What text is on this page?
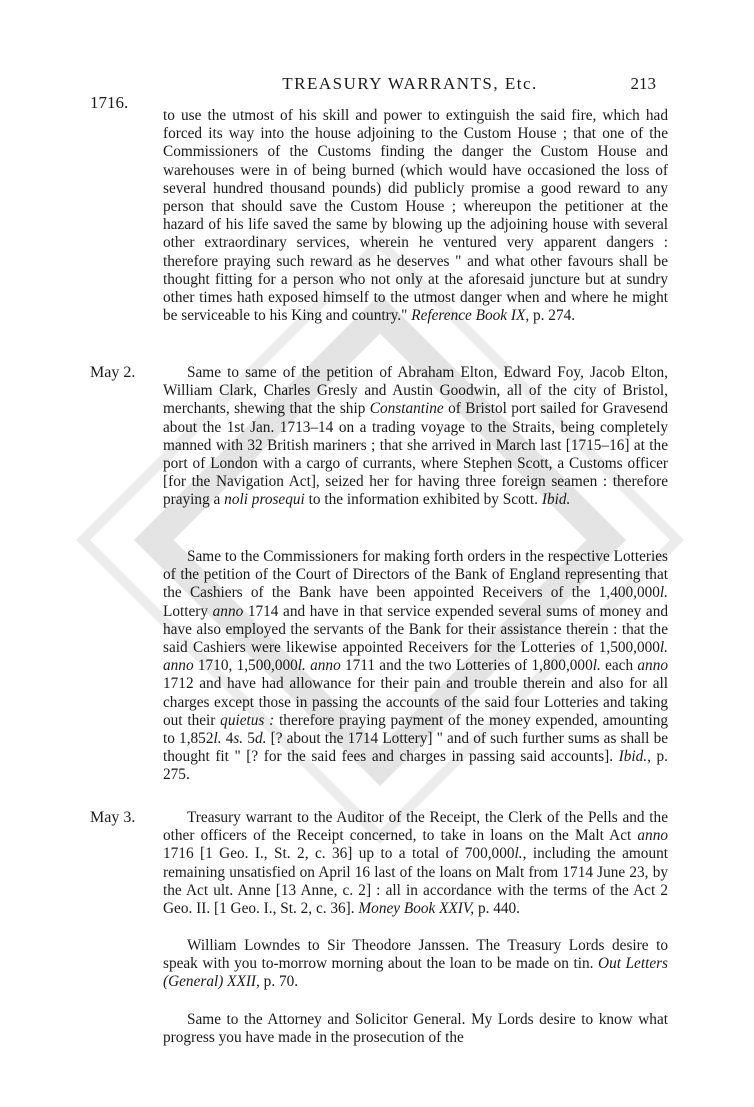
TREASURY WARRANTS, Etc.	213
1716.

to use the utmost of his skill and power to extinguish the said fire, which had forced its way into the house adjoining to the Custom House ; that one of the Commissioners of the Customs finding the danger the Custom House and warehouses were in of being burned (which would have occasioned the loss of several hundred thousand pounds) did publicly promise a good reward to any person that should save the Custom House ; whereupon the petitioner at the hazard of his life saved the same by blowing up the adjoining house with several other extraordinary services, wherein he ventured very apparent dangers : therefore praying such reward as he deserves " and what other favours shall be thought fitting for a person who not only at the aforesaid juncture but at sundry other times hath exposed himself to the utmost danger when and where he might be serviceable to his King and country." Reference Book IX, p. 274.

May 2.	Same to same of the petition of Abraham Elton, Edward Foy, Jacob Elton, William Clark, Charles Gresly and Austin Goodwin, all of the city of Bristol, merchants, shewing that the ship Constantine of Bristol port sailed for Gravesend about the 1st Jan. 1713–14 on a trading voyage to the Straits, being completely manned with 32 British mariners ; that she arrived in March last [1715–16] at the port of London with a cargo of currants, where Stephen Scott, a Customs officer [for the Navigation Act], seized her for having three foreign seamen : therefore praying a noli prosequi to the information exhibited by Scott. Ibid.

Same to the Commissioners for making forth orders in the respective Lotteries of the petition of the Court of Directors of the Bank of England representing that the Cashiers of the Bank have been appointed Receivers of the 1,400,000l. Lottery anno 1714 and have in that service expended several sums of money and have also employed the servants of the Bank for their assistance therein : that the said Cashiers were likewise appointed Receivers for the Lotteries of 1,500,000l. anno 1710, 1,500,000l. anno 1711 and the two Lotteries of 1,800,000l. each anno 1712 and have had allowance for their pain and trouble therein and also for all charges except those in passing the accounts of the said four Lotteries and taking out their quietus : therefore praying payment of the money expended, amounting to 1,852l. 4s. 5d. [? about the 1714 Lottery] " and of such further sums as shall be thought fit " [? for the said fees and charges in passing said accounts]. Ibid., p. 275.

May 3.	Treasury warrant to the Auditor of the Receipt, the Clerk of the Pells and the other officers of the Receipt concerned, to take in loans on the Malt Act anno 1716 [1 Geo. I., St. 2, c. 36] up to a total of 700,000l., including the amount remaining unsatisfied on April 16 last of the loans on Malt from 1714 June 23, by the Act ult. Anne [13 Anne, c. 2] : all in accordance with the terms of the Act 2 Geo. II. [1 Geo. I., St. 2, c. 36]. Money Book XXIV, p. 440.

William Lowndes to Sir Theodore Janssen. The Treasury Lords desire to speak with you to-morrow morning about the loan to be made on tin. Out Letters (General) XXII, p. 70.

Same to the Attorney and Solicitor General. My Lords desire to know what progress you have made in the prosecution of the
